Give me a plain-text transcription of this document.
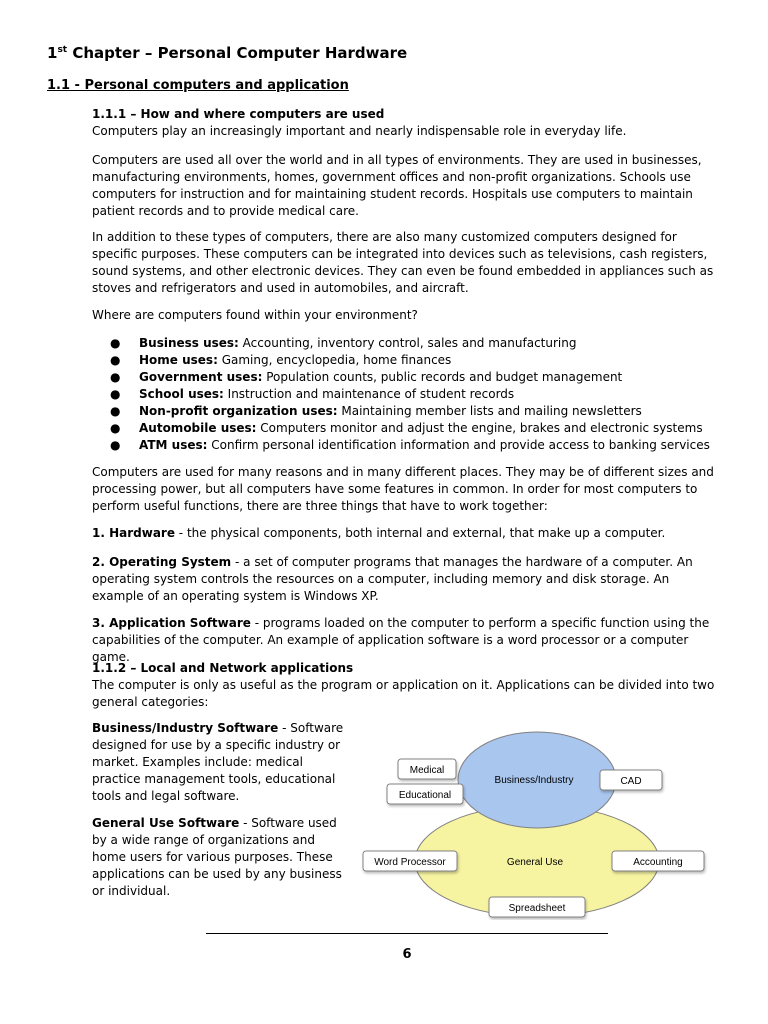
1st Chapter – Personal Computer Hardware
1.1 - Personal computers and application

1.1.1 – How and where computers are used

Computers play an increasingly important and nearly indispensable role in everyday life.

Computers are used all over the world and in all types of environments. They are used in businesses, manufacturing environments, homes, government offices and non-profit organizations. Schools use computers for instruction and for maintaining student records. Hospitals use computers to maintain patient records and to provide medical care.

In addition to these types of computers, there are also many customized computers designed for specific purposes. These computers can be integrated into devices such as televisions, cash registers, sound systems, and other electronic devices. They can even be found embedded in appliances such as stoves and refrigerators and used in automobiles, and aircraft.

Where are computers found within your environment?

● Business uses: Accounting, inventory control, sales and manufacturing
● Home uses: Gaming, encyclopedia, home finances
● Government uses: Population counts, public records and budget management
● School uses: Instruction and maintenance of student records
● Non-profit organization uses: Maintaining member lists and mailing newsletters
● Automobile uses: Computers monitor and adjust the engine, brakes and electronic systems
● ATM uses: Confirm personal identification information and provide access to banking services

Computers are used for many reasons and in many different places. They may be of different sizes and processing power, but all computers have some features in common. In order for most computers to perform useful functions, there are three things that have to work together:

1. Hardware - the physical components, both internal and external, that make up a computer.

2. Operating System - a set of computer programs that manages the hardware of a computer. An operating system controls the resources on a computer, including memory and disk storage. An example of an operating system is Windows XP.

3. Application Software - programs loaded on the computer to perform a specific function using the capabilities of the computer. An example of application software is a word processor or a computer game.

1.1.2 – Local and Network applications

The computer is only as useful as the program or application on it. Applications can be divided into two general categories:

Business/Industry Software - Software designed for use by a specific industry or market. Examples include: medical practice management tools, educational tools and legal software.

General Use Software - Software used by a wide range of organizations and home users for various purposes. These applications can be used by any business or individual.

Business/Industry
General Use
Medical
Educational
CAD
Word Processor	Accounting
Spreadsheet
6
